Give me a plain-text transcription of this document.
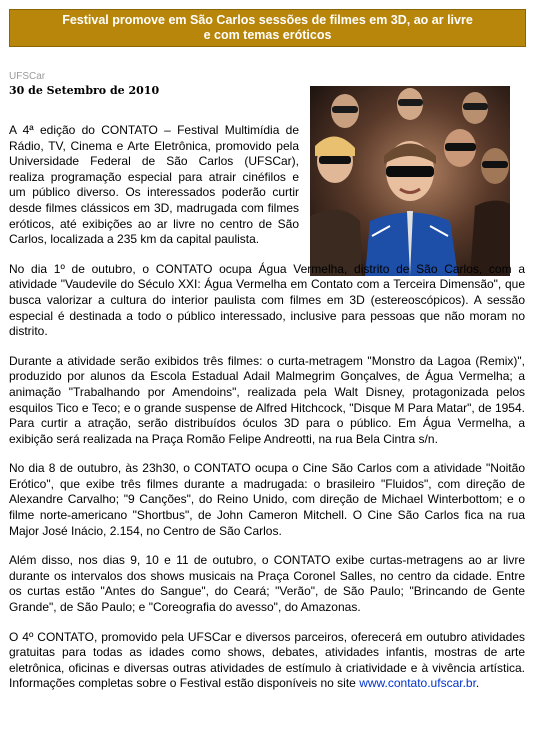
Festival promove em São Carlos sessões de filmes em 3D, ao ar livre e com temas eróticos
UFSCar
30 de Setembro de 2010

A 4ª edição do CONTATO – Festival Multimídia de Rádio, TV, Cinema e Arte Eletrônica, promovido pela Universidade Federal de São Carlos (UFSCar), realiza programação especial para atrair cinéfilos e um público diverso. Os interessados poderão curtir desde filmes clássicos em 3D, madrugada com filmes eróticos, até exibições ao ar livre no centro de São Carlos, localizada a 235 km da capital paulista.

No dia 1º de outubro, o CONTATO ocupa Água Vermelha, distrito de São Carlos, com a atividade "Vaudevile do Século XXI: Água Vermelha em Contato com a Terceira Dimensão", que busca valorizar a cultura do interior paulista com filmes em 3D (estereoscópicos). A sessão especial é destinada a todo o público interessado, inclusive para pessoas que não moram no distrito.

Durante a atividade serão exibidos três filmes: o curta-metragem "Monstro da Lagoa (Remix)", produzido por alunos da Escola Estadual Adail Malmegrim Gonçalves, de Água Vermelha; a animação "Trabalhando por Amendoins", realizada pela Walt Disney, protagonizada pelos esquilos Tico e Teco; e o grande suspense de Alfred Hitchcock, "Disque M Para Matar", de 1954. Para curtir a atração, serão distribuídos óculos 3D para o público. Em Água Vermelha, a exibição será realizada na Praça Romão Felipe Andreotti, na rua Bela Cintra s/n.

No dia 8 de outubro, às 23h30, o CONTATO ocupa o Cine São Carlos com a atividade "Noitão Erótico", que exibe três filmes durante a madrugada: o brasileiro "Fluidos", com direção de Alexandre Carvalho; "9 Canções", do Reino Unido, com direção de Michael Winterbottom; e o filme norte-americano "Shortbus", de John Cameron Mitchell. O Cine São Carlos fica na rua Major José Inácio, 2.154, no Centro de São Carlos.

Além disso, nos dias 9, 10 e 11 de outubro, o CONTATO exibe curtas-metragens ao ar livre durante os intervalos dos shows musicais na Praça Coronel Salles, no centro da cidade. Entre os curtas estão "Antes do Sangue", do Ceará; "Verão", de São Paulo; "Brincando de Gente Grande", de São Paulo; e "Coreografia do avesso", do Amazonas.

O 4º CONTATO, promovido pela UFSCar e diversos parceiros, oferecerá em outubro atividades gratuitas para todas as idades como shows, debates, atividades infantis, mostras de arte eletrônica, oficinas e diversas outras atividades de estímulo à criatividade e à vivência artística. Informações completas sobre o Festival estão disponíveis no site www.contato.ufscar.br.
